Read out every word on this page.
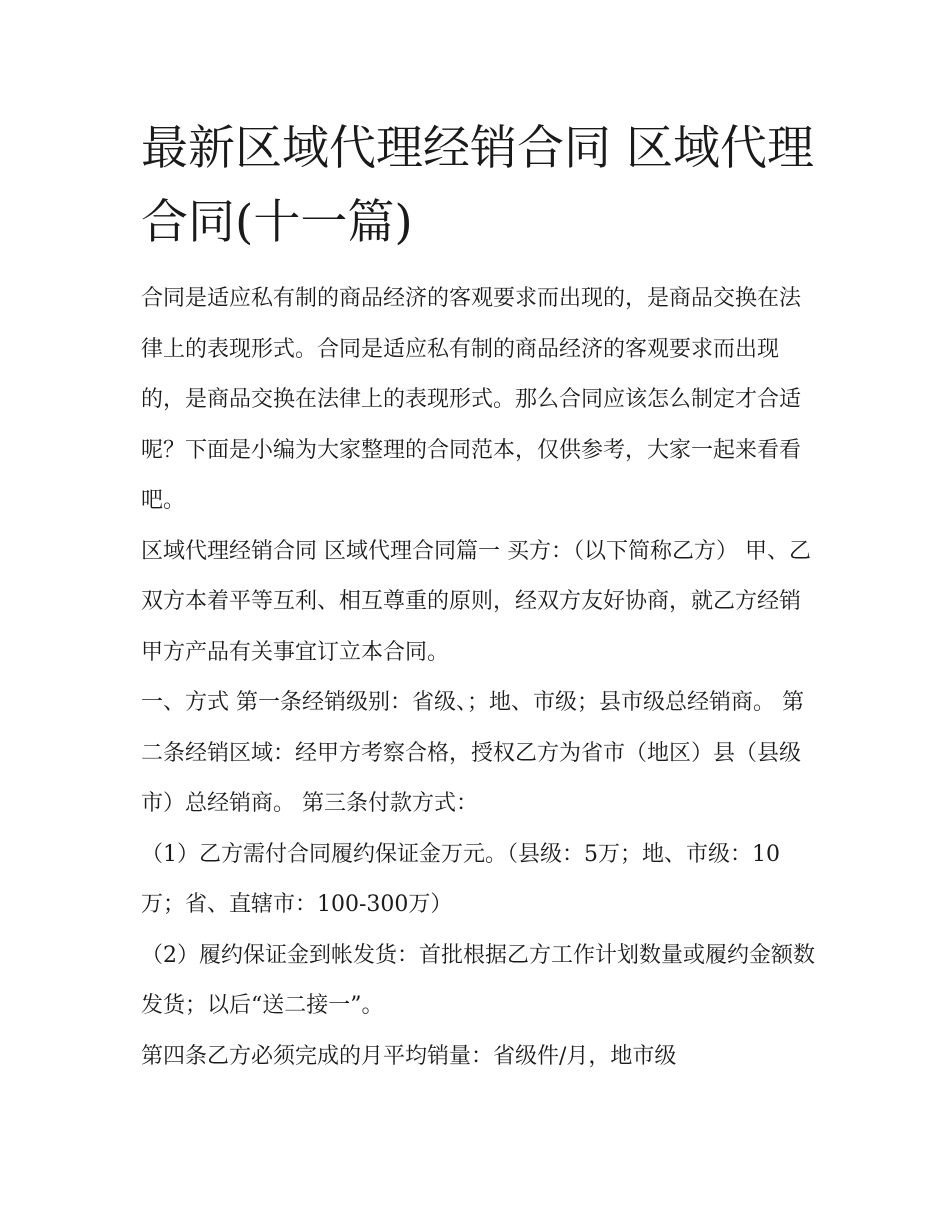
最新区域代理经销合同 区域代理合同(十一篇)

合同是适应私有制的商品经济的客观要求而出现的，是商品交换在法律上的表现形式。合同是适应私有制的商品经济的客观要求而出现的，是商品交换在法律上的表现形式。那么合同应该怎么制定才合适呢？下面是小编为大家整理的合同范本，仅供参考，大家一起来看看吧。

区域代理经销合同 区域代理合同篇一 买方：（以下简称乙方） 甲、乙双方本着平等互利、相互尊重的原则，经双方友好协商，就乙方经销甲方产品有关事宜订立本合同。

一、方式 第一条经销级别：省级、；地、市级；县市级总经销商。 第二条经销区域：经甲方考察合格，授权乙方为省市（地区）县（县级市）总经销商。 第三条付款方式：

（1）乙方需付合同履约保证金万元。（县级：5万；地、市级：10万；省、直辖市：100-300万）

（2）履约保证金到帐发货：首批根据乙方工作计划数量或履约金额数发货；以后“送二接一”。

第四条乙方必须完成的月平均销量：省级件/月，地市级
